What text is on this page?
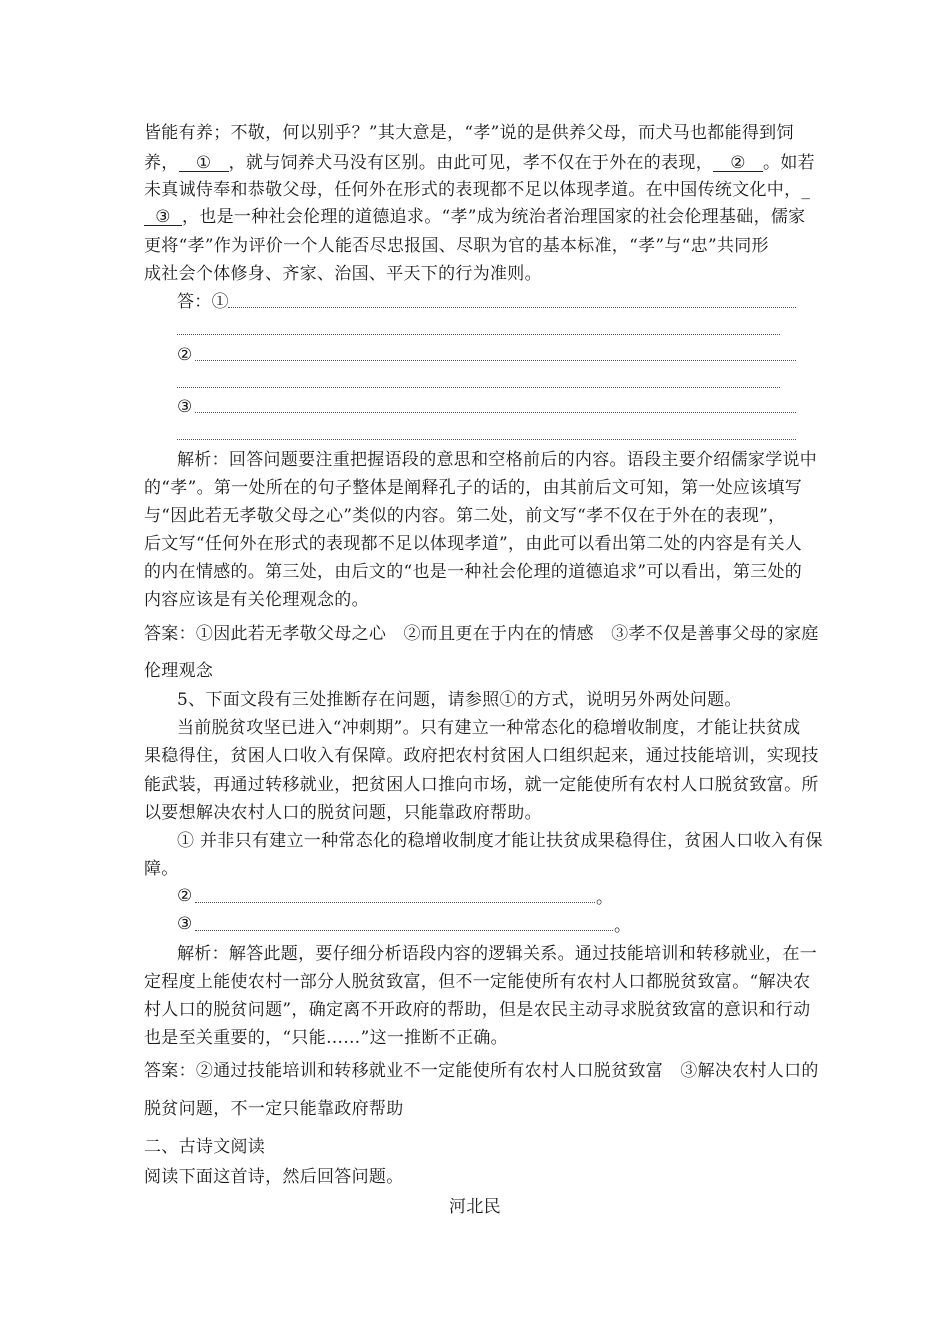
皆能有养；不敬，何以别乎？”其大意是，“孝”说的是供养父母，而犬马也都能得到饲
养， ① ，就与饲养犬马没有区别。由此可见，孝不仅在于外在的表现， ② 。如若
未真诚侍奉和恭敬父母，任何外在形式的表现都不足以体现孝道。在中国传统文化中，_
③ ，也是一种社会伦理的道德追求。“孝”成为统治者治理国家的社会伦理基础，儒家
更将“孝”作为评价一个人能否尽忠报国、尽职为官的基本标准，“孝”与“忠”共同形
成社会个体修身、齐家、治国、平天下的行为准则。
答：①
②
③
解析：回答问题要注重把握语段的意思和空格前后的内容。语段主要介绍儒家学说中
的“孝”。第一处所在的句子整体是阐释孔子的话的，由其前后文可知，第一处应该填写
与“因此若无孝敬父母之心”类似的内容。第二处，前文写“孝不仅在于外在的表现”，
后文写“任何外在形式的表现都不足以体现孝道”，由此可以看出第二处的内容是有关人
的内在情感的。第三处，由后文的“也是一种社会伦理的道德追求”可以看出，第三处的
内容应该是有关伦理观念的。
答案：①因此若无孝敬父母之心　②而且更在于内在的情感　③孝不仅是善事父母的家庭
伦理观念
5、下面文段有三处推断存在问题，请参照①的方式，说明另外两处问题。
当前脱贫攻坚已进入“冲刺期”。只有建立一种常态化的稳增收制度，才能让扶贫成
果稳得住，贫困人口收入有保障。政府把农村贫困人口组织起来，通过技能培训，实现技
能武装，再通过转移就业，把贫困人口推向市场，就一定能使所有农村人口脱贫致富。所
以要想解决农村人口的脱贫问题，只能靠政府帮助。
① 并非只有建立一种常态化的稳增收制度才能让扶贫成果稳得住，贫困人口收入有保
障。
②	。
③	。
解析：解答此题，要仔细分析语段内容的逻辑关系。通过技能培训和转移就业，在一
定程度上能使农村一部分人脱贫致富，但不一定能使所有农村人口都脱贫致富。“解决农
村人口的脱贫问题”，确定离不开政府的帮助，但是农民主动寻求脱贫致富的意识和行动
也是至关重要的，“只能……”这一推断不正确。
答案：②通过技能培训和转移就业不一定能使所有农村人口脱贫致富　③解决农村人口的
脱贫问题，不一定只能靠政府帮助
二、古诗文阅读
阅读下面这首诗，然后回答问题。
河北民
